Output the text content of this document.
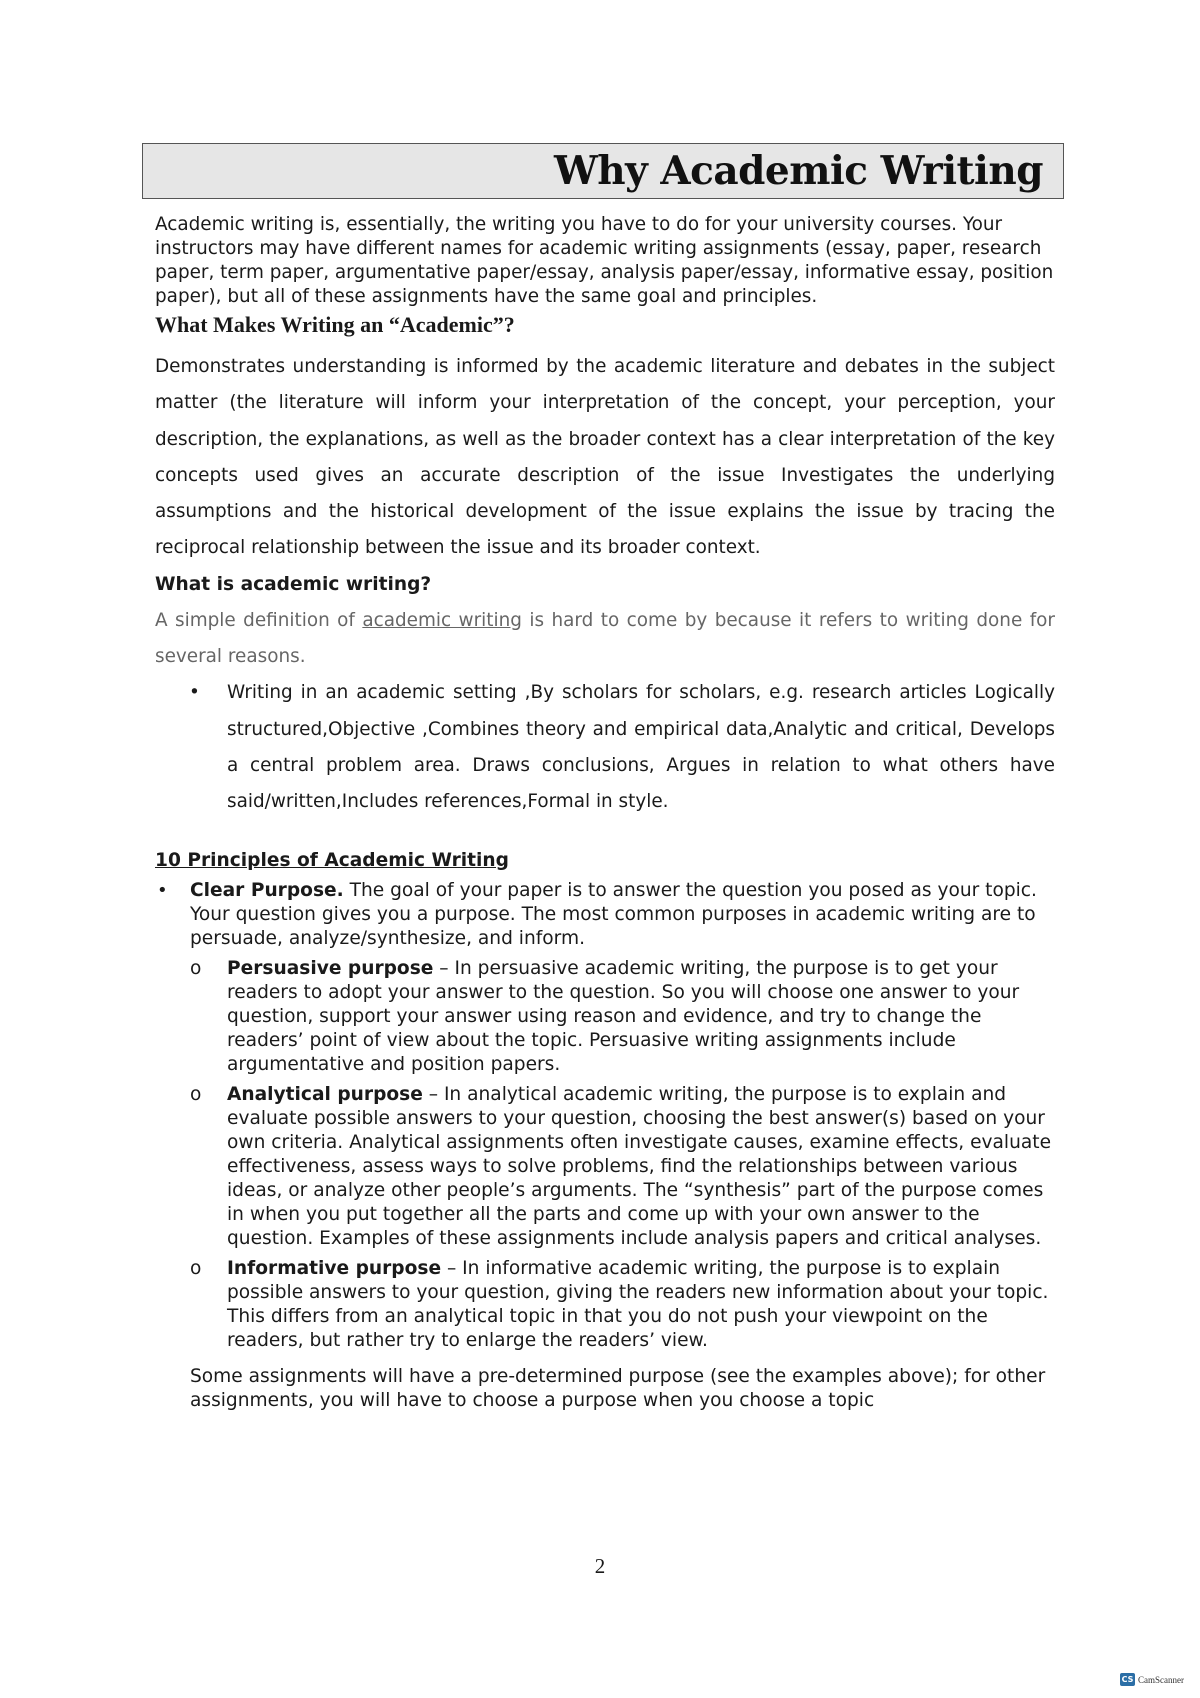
Why Academic Writing

Academic writing is, essentially, the writing you have to do for your university courses. Your instructors may have different names for academic writing assignments (essay, paper, research paper, term paper, argumentative paper/essay, analysis paper/essay, informative essay, position paper), but all of these assignments have the same goal and principles.

What Makes Writing an “Academic”?

Demonstrates understanding is informed by the academic literature and debates in the subject matter (the literature will inform your interpretation of the concept, your perception, your description, the explanations, as well as the broader context has a clear interpretation of the key concepts used gives an accurate description of the issue Investigates the underlying assumptions and the historical development of the issue explains the issue by tracing the reciprocal relationship between the issue and its broader context.

What is academic writing?

A simple definition of academic writing is hard to come by because it refers to writing done for several reasons.

• Writing in an academic setting ,By scholars for scholars, e.g. research articles Logically structured,Objective ,Combines theory and empirical data,Analytic and critical, Develops a central problem area. Draws conclusions, Argues in relation to what others have said/written,Includes references,Formal in style.
10 Principles of Academic Writing
• Clear Purpose. The goal of your paper is to answer the question you posed as your topic. Your question gives you a purpose. The most common purposes in academic writing are to persuade, analyze/synthesize, and inform.
o Persuasive purpose – In persuasive academic writing, the purpose is to get your readers to adopt your answer to the question. So you will choose one answer to your question, support your answer using reason and evidence, and try to change the readers’ point of view about the topic. Persuasive writing assignments include argumentative and position papers.
o Analytical purpose – In analytical academic writing, the purpose is to explain and evaluate possible answers to your question, choosing the best answer(s) based on your own criteria. Analytical assignments often investigate causes, examine effects, evaluate effectiveness, assess ways to solve problems, find the relationships between various ideas, or analyze other people’s arguments. The “synthesis” part of the purpose comes in when you put together all the parts and come up with your own answer to the question. Examples of these assignments include analysis papers and critical analyses.
o Informative purpose – In informative academic writing, the purpose is to explain possible answers to your question, giving the readers new information about your topic. This differs from an analytical topic in that you do not push your viewpoint on the readers, but rather try to enlarge the readers’ view.
Some assignments will have a pre-determined purpose (see the examples above); for other assignments, you will have to choose a purpose when you choose a topic
2
CS CamScanner
